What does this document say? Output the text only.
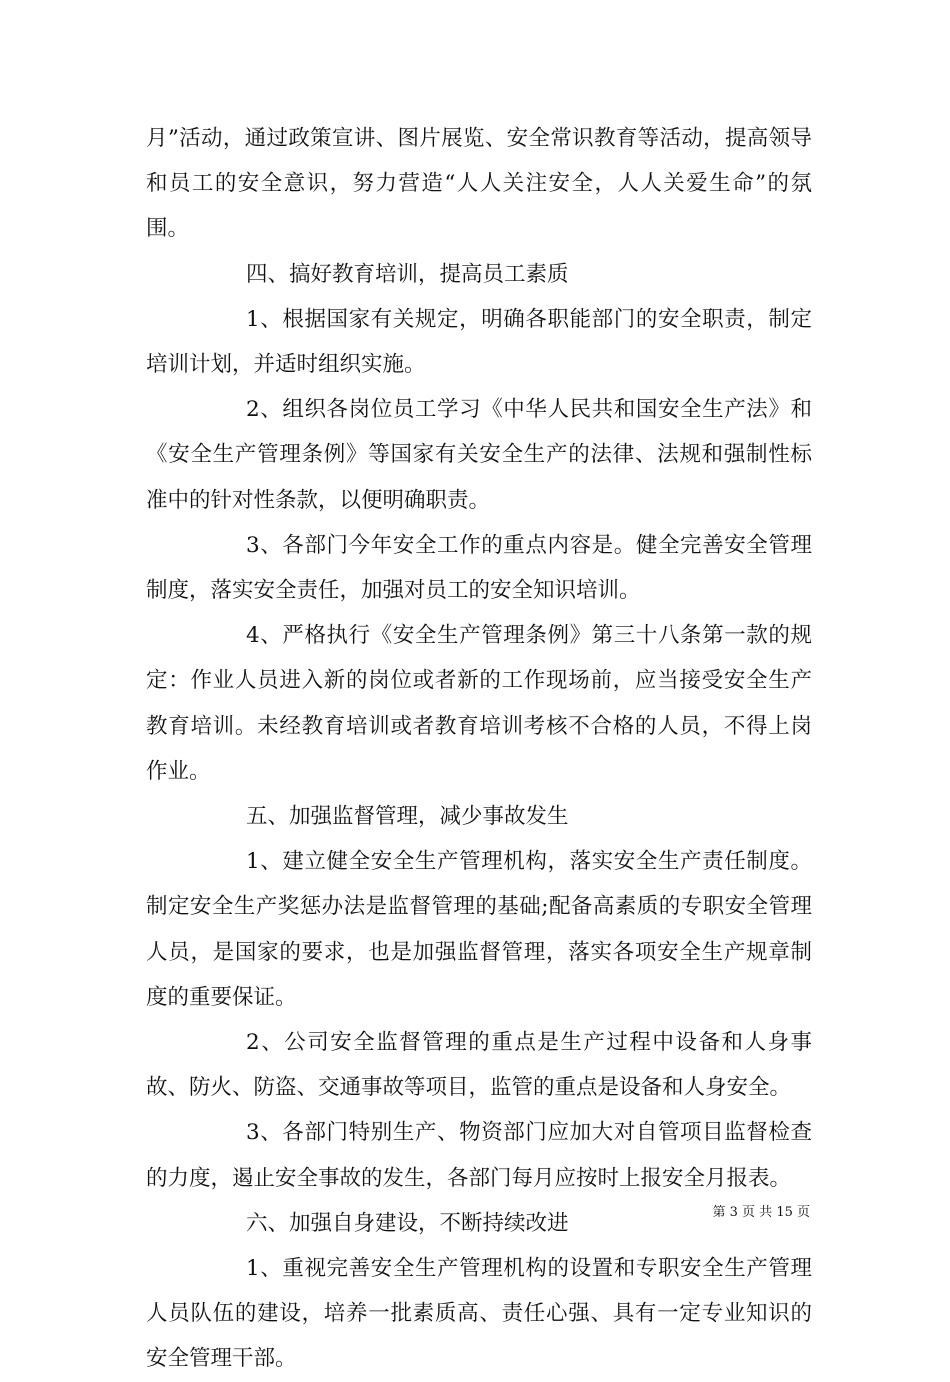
月”活动，通过政策宣讲、图片展览、安全常识教育等活动，提高领导和员工的安全意识，努力营造“人人关注安全，人人关爱生命”的氛围。

四、搞好教育培训，提高员工素质

1、根据国家有关规定，明确各职能部门的安全职责，制定培训计划，并适时组织实施。

2、组织各岗位员工学习《中华人民共和国安全生产法》和《安全生产管理条例》等国家有关安全生产的法律、法规和强制性标准中的针对性条款，以便明确职责。

3、各部门今年安全工作的重点内容是。健全完善安全管理制度，落实安全责任，加强对员工的安全知识培训。

4、严格执行《安全生产管理条例》第三十八条第一款的规定：作业人员进入新的岗位或者新的工作现场前，应当接受安全生产教育培训。未经教育培训或者教育培训考核不合格的人员，不得上岗作业。

五、加强监督管理，减少事故发生

1、建立健全安全生产管理机构，落实安全生产责任制度。制定安全生产奖惩办法是监督管理的基础;配备高素质的专职安全管理人员，是国家的要求，也是加强监督管理，落实各项安全生产规章制度的重要保证。

2、公司安全监督管理的重点是生产过程中设备和人身事故、防火、防盗、交通事故等项目，监管的重点是设备和人身安全。

3、各部门特别生产、物资部门应加大对自管项目监督检查的力度，遏止安全事故的发生，各部门每月应按时上报安全月报表。

六、加强自身建设，不断持续改进

1、重视完善安全生产管理机构的设置和专职安全生产管理人员队伍的建设，培养一批素质高、责任心强、具有一定专业知识的安全管理干部。

第 3 页 共 15 页
